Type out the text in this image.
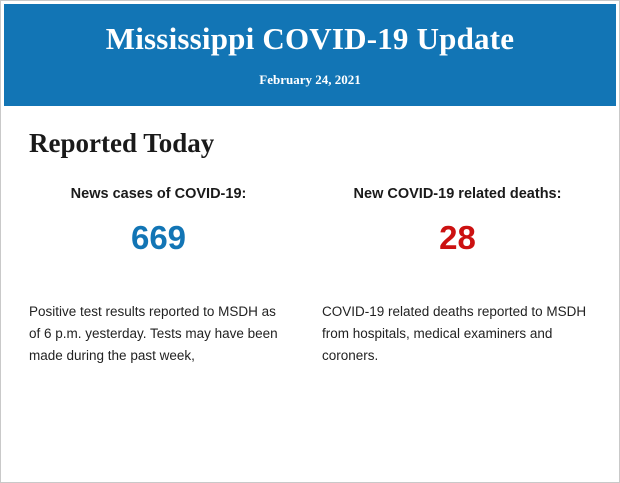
Mississippi COVID-19 Update
February 24, 2021
Reported Today
News cases of COVID-19:
669
New COVID-19 related deaths:
28
Positive test results reported to MSDH as of 6 p.m. yesterday. Tests may have been made during the past week,
COVID-19 related deaths reported to MSDH from hospitals, medical examiners and coroners.
